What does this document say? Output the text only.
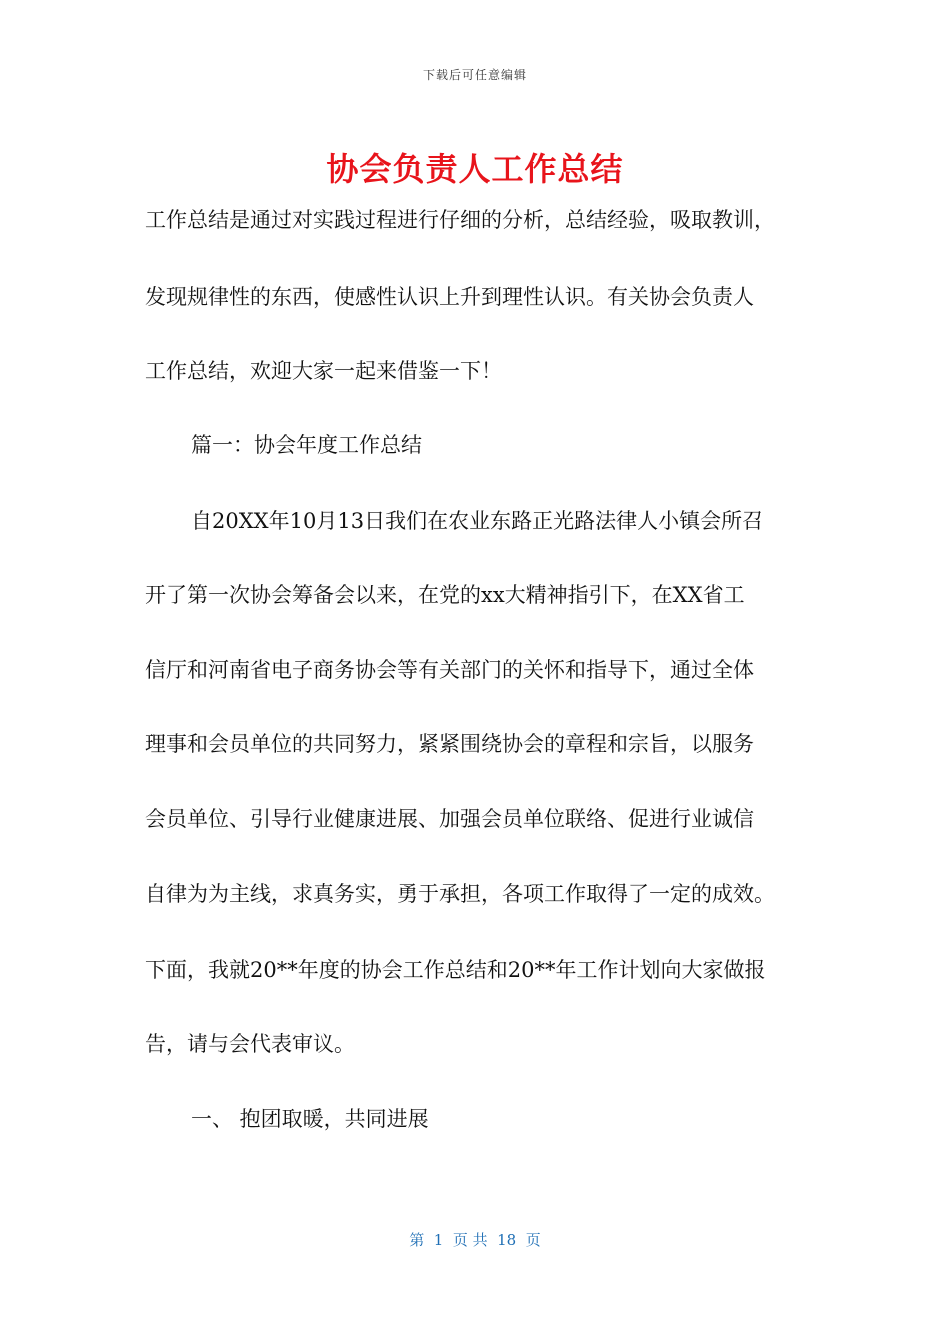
下载后可任意编辑
协会负责人工作总结
工作总结是通过对实践过程进行仔细的分析，总结经验，吸取教训，
发现规律性的东西，使感性认识上升到理性认识。有关协会负责人
工作总结，欢迎大家一起来借鉴一下！
篇一：协会年度工作总结
自20XX年10月13日我们在农业东路正光路法律人小镇会所召
开了第一次协会筹备会以来，在党的xx大精神指引下，在XX省工
信厅和河南省电子商务协会等有关部门的关怀和指导下，通过全体
理事和会员单位的共同努力，紧紧围绕协会的章程和宗旨，以服务
会员单位、引导行业健康进展、加强会员单位联络、促进行业诚信
自律为为主线，求真务实，勇于承担，各项工作取得了一定的成效。
下面，我就20**年度的协会工作总结和20**年工作计划向大家做报
告，请与会代表审议。
一、 抱团取暖，共同进展
第  1  页 共  18  页
